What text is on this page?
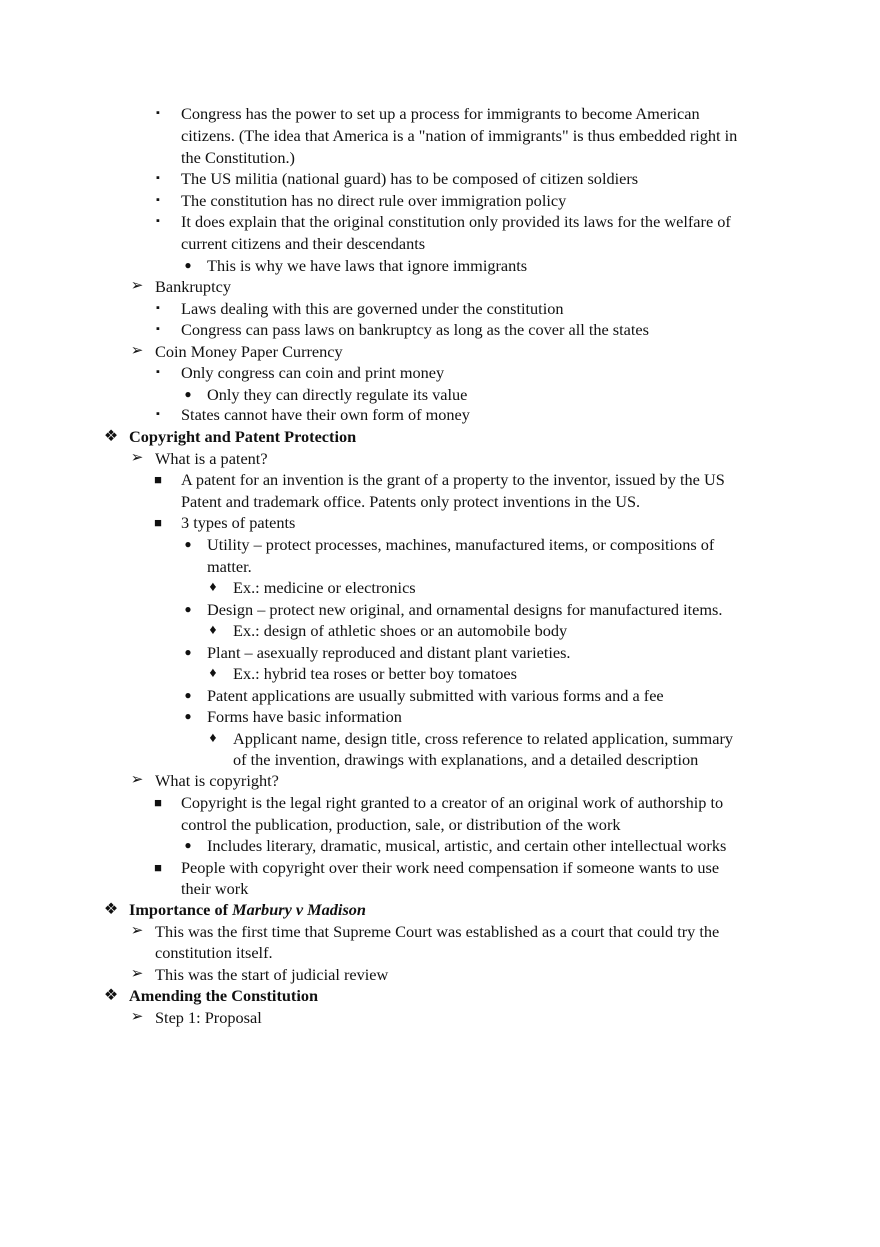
▪	Congress has the power to set up a process for immigrants to become American
citizens. (The idea that America is a "nation of immigrants" is thus embedded right in
the Constitution.)
▪	The US militia (national guard) has to be composed of citizen soldiers
▪	The constitution has no direct rule over immigration policy
▪	It does explain that the original constitution only provided its laws for the welfare of
current citizens and their descendants
● This is why we have laws that ignore immigrants
➢ Bankruptcy
▪	Laws dealing with this are governed under the constitution
▪	Congress can pass laws on bankruptcy as long as the cover all the states
➢ Coin Money Paper Currency
▪	Only congress can coin and print money
● Only they can directly regulate its value
▪	States cannot have their own form of money
❖ Copyright and Patent Protection
➢ What is a patent?
■	A patent for an invention is the grant of a property to the inventor, issued by the US
Patent and trademark office. Patents only protect inventions in the US.
■	3 types of patents
● Utility – protect processes, machines, manufactured items, or compositions of
matter.
♦	Ex.: medicine or electronics
● Design – protect new original, and ornamental designs for manufactured items.
♦	Ex.: design of athletic shoes or an automobile body
● Plant – asexually reproduced and distant plant varieties.
♦	Ex.: hybrid tea roses or better boy tomatoes
● Patent applications are usually submitted with various forms and a fee
● Forms have basic information
♦	Applicant name, design title, cross reference to related application, summary
of the invention, drawings with explanations, and a detailed description
➢ What is copyright?
■	Copyright is the legal right granted to a creator of an original work of authorship to
control the publication, production, sale, or distribution of the work
● Includes literary, dramatic, musical, artistic, and certain other intellectual works
■	People with copyright over their work need compensation if someone wants to use
their work
❖ Importance of Marbury v Madison
➢ This was the first time that Supreme Court was established as a court that could try the
constitution itself.
➢ This was the start of judicial review
❖ Amending the Constitution
➢ Step 1: Proposal
